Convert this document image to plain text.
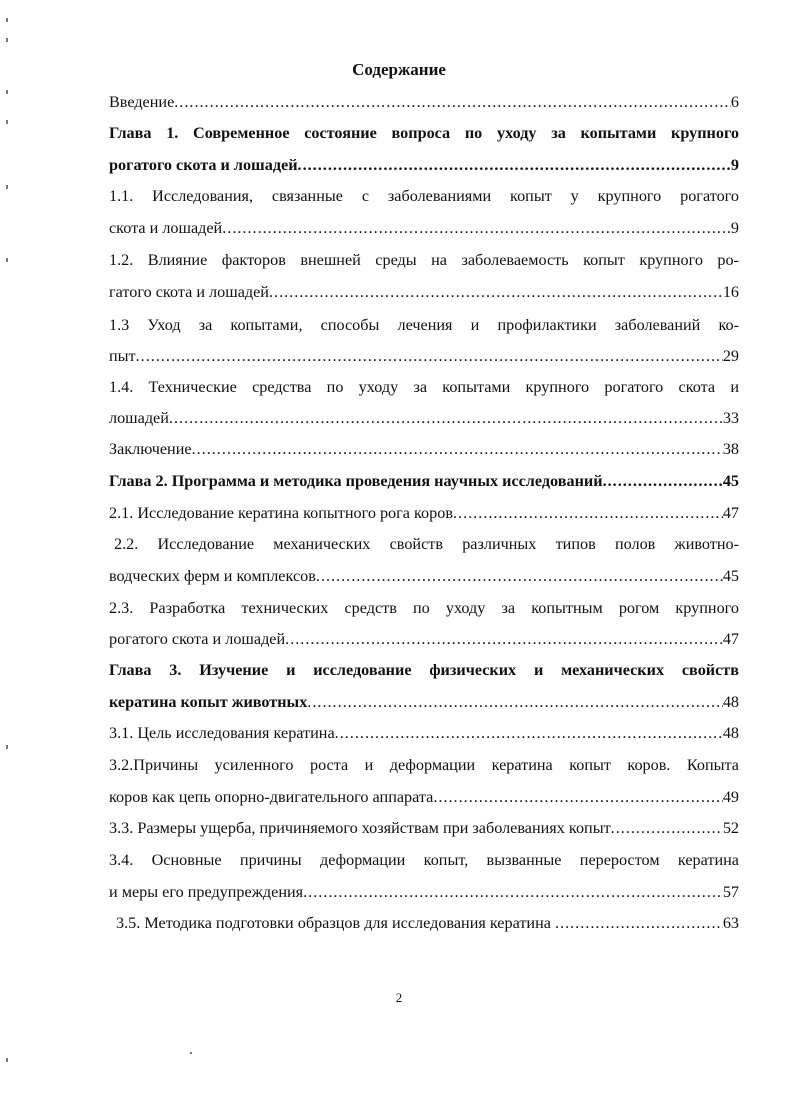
Содержание
Введение .....	6
Глава 1. Современное состояние вопроса по уходу за копытами крупного
рогатого скота и лошадей .....	9
1.1. Исследования, связанные с заболеваниями копыт у крупного рогатого
скота и лошадей .....	9
1.2. Влияние факторов внешней среды на заболеваемость копыт крупного ро-
гатого скота и лошадей .....	16
1.3 Уход за копытами, способы лечения и профилактики заболеваний ко-
пыт .....	29
1.4. Технические средства по уходу за копытами крупного рогатого скота и
лошадей .....	33
Заключение .....	38
Глава 2. Программа и методика проведения научных исследований .....	45
2.1. Исследование кератина копытного рога коров .....	47
2.2. Исследование механических свойств различных типов полов животно-
водческих ферм и комплексов .....	45
2.3. Разработка технических средств по уходу за копытным рогом крупного
рогатого скота и лошадей .....	47
Глава 3. Изучение и исследование физических и механических свойств
кератина копыт животных .....	48
3.1. Цель исследования кератина .....	48
3.2.Причины усиленного роста и деформации кератина копыт коров. Копыта
коров как цепь опорно-двигательного аппарата .....	49
3.3. Размеры ущерба, причиняемого хозяйствам при заболеваниях копыт .....	52
3.4. Основные причины деформации копыт, вызванные переростом кератина
и меры его предупреждения .....	57
3.5. Методика подготовки образцов для исследования кератина .....	63
2
